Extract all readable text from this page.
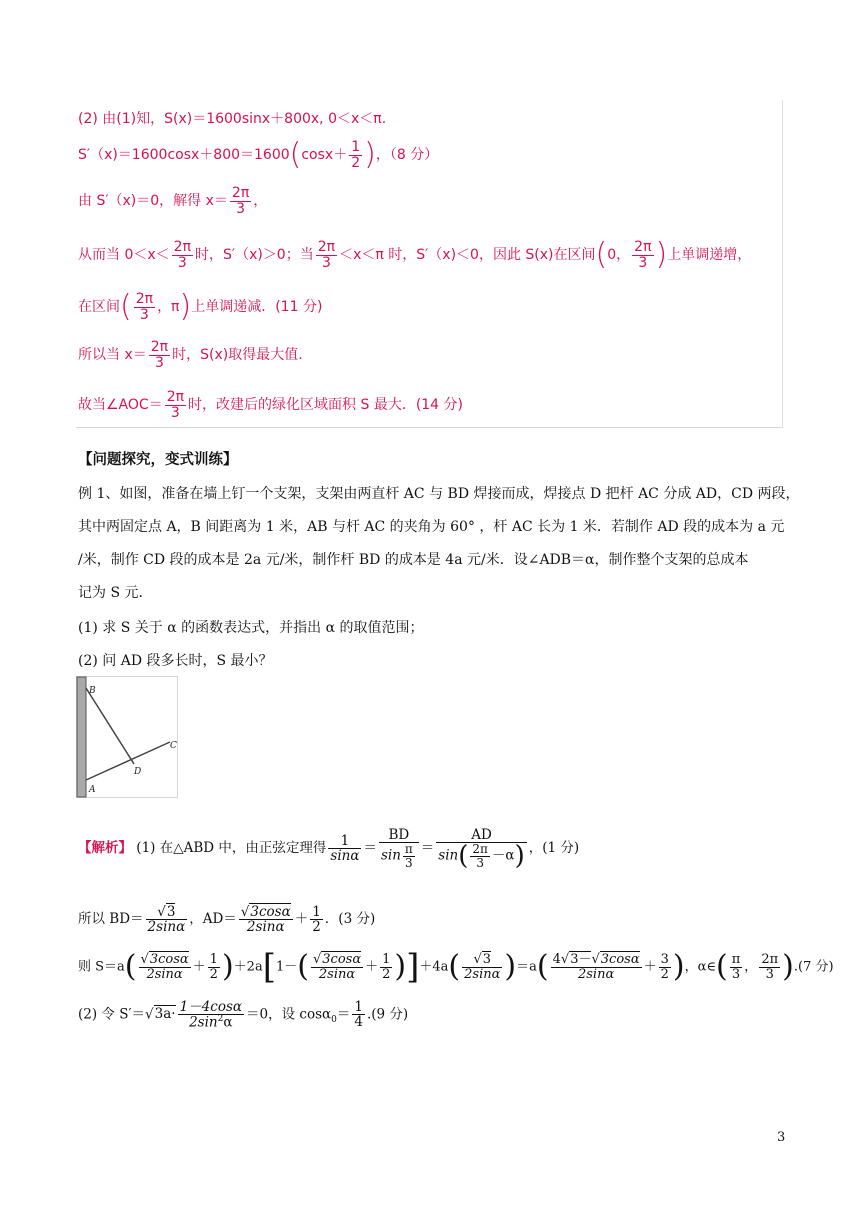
(2) 由(1)知，S(x)＝1600sinx＋800x, 0＜x＜π.
$S'(x)=1600\cos x+800=1600(\cos x+ \frac{1}{2}$ )，（8 分）
由 S′（x)＝0，解得 $x= \frac{2\pi}{3}$ ，
从而当 $0<x< \frac{2\pi}{3}$ 时，S′（x)＞0；当 $\frac{2\pi}{3} <x<\pi$ 时，S′（x)＜0，因此 S(x)在区间(0， $\frac{2\pi}{3}$ )上单调递增，
在区间( $\frac{2\pi}{3}$ ，π)上单调递减．(11 分)
所以当 $x= \frac{2\pi}{3}$ 时，S(x)取得最大值.
故当∠AOC＝ $\frac{2\pi}{3}$ 时，改建后的绿化区域面积 S 最大．(14 分)
【问题探究，变式训练】
例 1、如图，准备在墙上钉一个支架，支架由两直杆 AC 与 BD 焊接而成，焊接点 D 把杆 AC 分成 AD，CD 两段，
其中两固定点 A，B 间距离为 1 米，AB 与杆 AC 的夹角为 60° ，杆 AC 长为 1 米．若制作 AD 段的成本为 a 元
/米，制作 CD 段的成本是 2a 元/米，制作杆 BD 的成本是 4a 元/米．设∠ADB＝α，制作整个支架的总成本
记为 S 元．
(1) 求 S 关于 α 的函数表达式，并指出 α 的取值范围；
(2) 问 AD 段多长时，S 最小？
B
C
D
A
【解析】 (1) 在△ABD 中，由正弦定理得 $\frac{1}{\sin\alpha} = \frac{BD}{\sin \frac{\pi}{3}} = \frac{AD}{\sin( \frac{2\pi}{3} -\alpha)}$ ，(1 分)
所以 $BD= \frac{√3}{2\sin\alpha}$ ，$AD= \frac{√3\cos\alpha}{2\sin\alpha} + \frac{1}{2}$ ．(3 分)
则 $S=a( \frac{√3\cos\alpha}{2\sin\alpha} + \frac{1}{2} )+2a[1-( \frac{√3\cos\alpha}{2\sin\alpha} + \frac{1}{2} )]+4a( \frac{√3}{2\sin\alpha} )=a( \frac{4√3-√3\cos\alpha}{2\sin\alpha} + \frac{3}{2}$ )，α∈( $\frac{\pi}{3}$ ， $\frac{2\pi}{3} ).(7$ 分)
(2) 令 $S'=√3a\cdot \frac{1-4\cos\alpha}{2\sin^2\alpha} =0$，设 $\cos\alpha_0= \frac{1}{4} .(9$ 分)
3
